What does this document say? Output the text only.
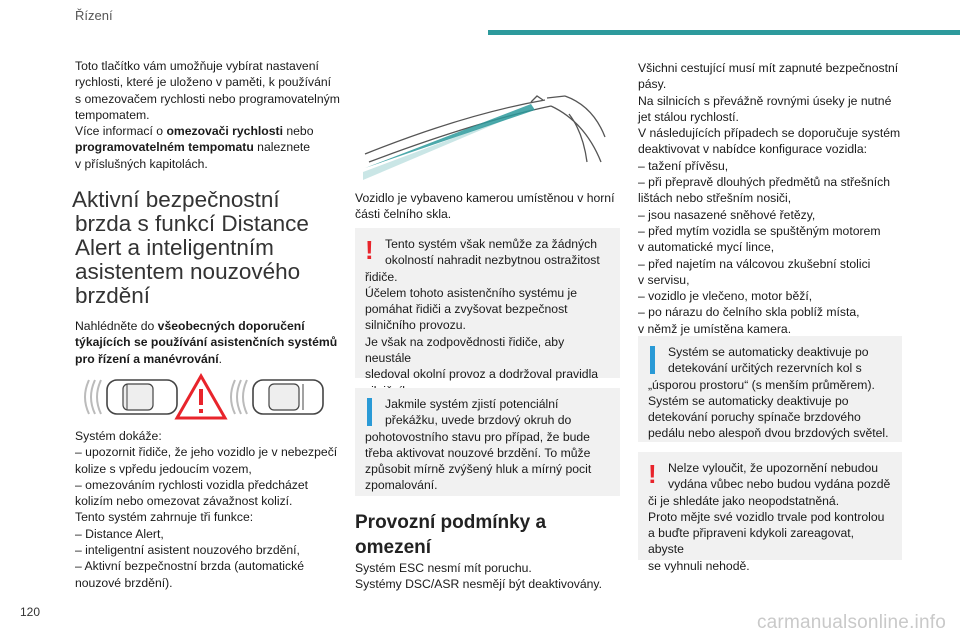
Řízení

Toto tlačítko vám umožňuje vybírat nastavení
rychlosti, které je uloženo v paměti, k používání
s omezovačem rychlosti nebo programovatelným
tempomatem.
Více informací o omezovači rychlosti nebo
programovatelném tempomatu naleznete
v příslušných kapitolách.

Aktivní bezpečnostní
brzda s funkcí Distance
Alert a inteligentním
asistentem nouzového
brzdění

Nahlédněte do všeobecných doporučení
týkajících se používání asistenčních systémů
pro řízení a manévrování.

Systém dokáže:
– upozornit řidiče, že jeho vozidlo je v nebezpečí
kolize s vpředu jedoucím vozem,
– omezováním rychlosti vozidla předcházet
kolizím nebo omezovat závažnost kolizí.
Tento systém zahrnuje tři funkce:
– Distance Alert,
– inteligentní asistent nouzového brzdění,
– Aktivní bezpečnostní brzda (automatické
nouzové brzdění).

Vozidlo je vybaveno kamerou umístěnou v horní
části čelního skla.

! Tento systém však nemůže za žádných
okolností nahradit nezbytnou ostražitost
řidiče.
Účelem tohoto asistenčního systému je
pomáhat řidiči a zvyšovat bezpečnost
silničního provozu.
Je však na zodpovědnosti řidiče, aby neustále
sledoval okolní provoz a dodržoval pravidla

Jakmile systém zjistí potenciální
překážku, uvede brzdový okruh do
pohotovostního stavu pro případ, že bude
třeba aktivovat nouzové brzdění. To může
způsobit mírně zvýšený hluk a mírný pocit
zpomalování.
Provozní podmínky a
omezení

Systém ESC nesmí mít poruchu.
Systémy DSC/ASR nesmějí být deaktivovány.

Všichni cestující musí mít zapnuté bezpečnostní
pásy.
Na silnicích s převážně rovnými úseky je nutné
jet stálou rychlostí.
V následujících případech se doporučuje systém
deaktivovat v nabídce konfigurace vozidla:
– tažení přívěsu,
– při přepravě dlouhých předmětů na střešních
lištách nebo střešním nosiči,
– jsou nasazené sněhové řetězy,
– před mytím vozidla se spuštěným motorem
v automatické mycí lince,
– před najetím na válcovou zkušební stolici
v servisu,
– vozidlo je vlečeno, motor běží,
– po nárazu do čelního skla poblíž místa,
v němž je umístěna kamera.

Systém se automaticky deaktivuje po
detekování určitých rezervních kol s
„úsporou prostoru“ (s menším průměrem).
Systém se automaticky deaktivuje po
detekování poruchy spínače brzdového
pedálu nebo alespoň dvou brzdových světel.
! Nelze vyloučit, že upozornění nebudou
vydána vůbec nebo budou vydána pozdě
či je shledáte jako neopodstatněná.
Proto mějte své vozidlo trvale pod kontrolou
a buďte připraveni kdykoli zareagovat, abyste
se vyhnuli nehodě.
120	carmanualsonline.info
